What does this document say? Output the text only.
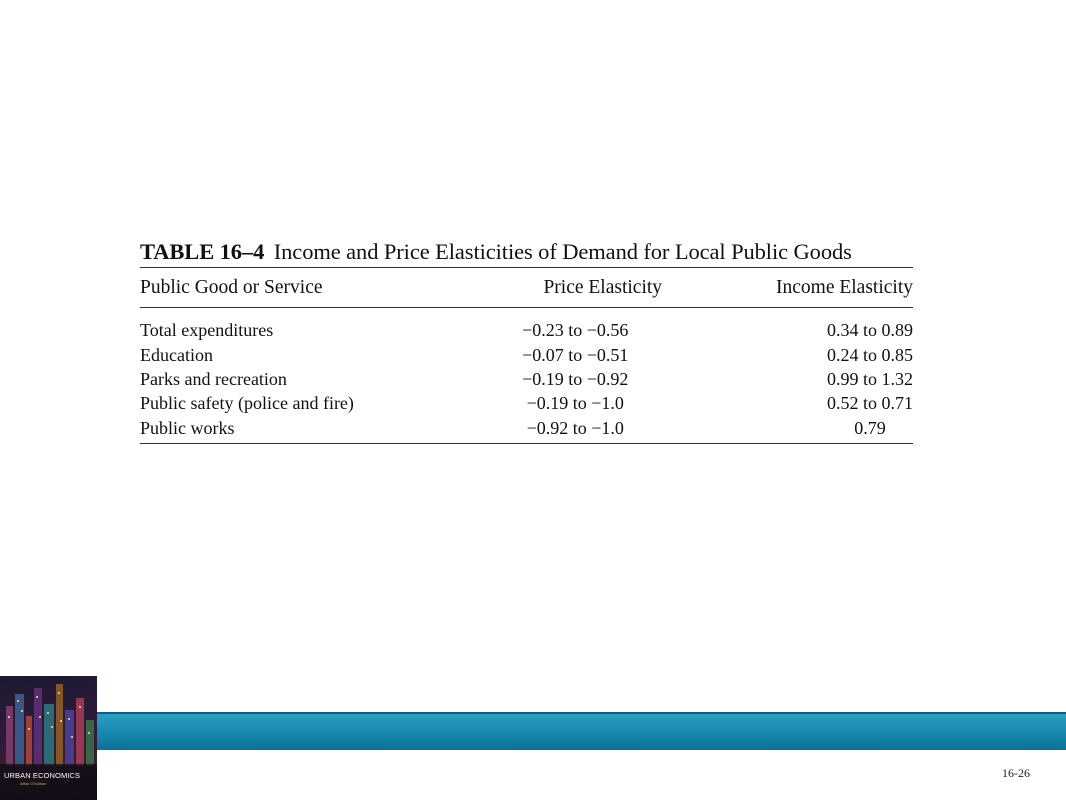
TABLE 16–4 Income and Price Elasticities of Demand for Local Public Goods
Public Good or Service	Price Elasticity	Income Elasticity
Total expenditures	−0.23 to −0.56	0.34 to 0.89
Education	−0.07 to −0.51	0.24 to 0.85
Parks and recreation	−0.19 to −0.92	0.99 to 1.32
Public safety (police and fire)	−0.19 to −1.0	0.52 to 0.71
Public works	−0.92 to −1.0	0.79
URBAN ECONOMICS
Arthur O'Sullivan
16-26
